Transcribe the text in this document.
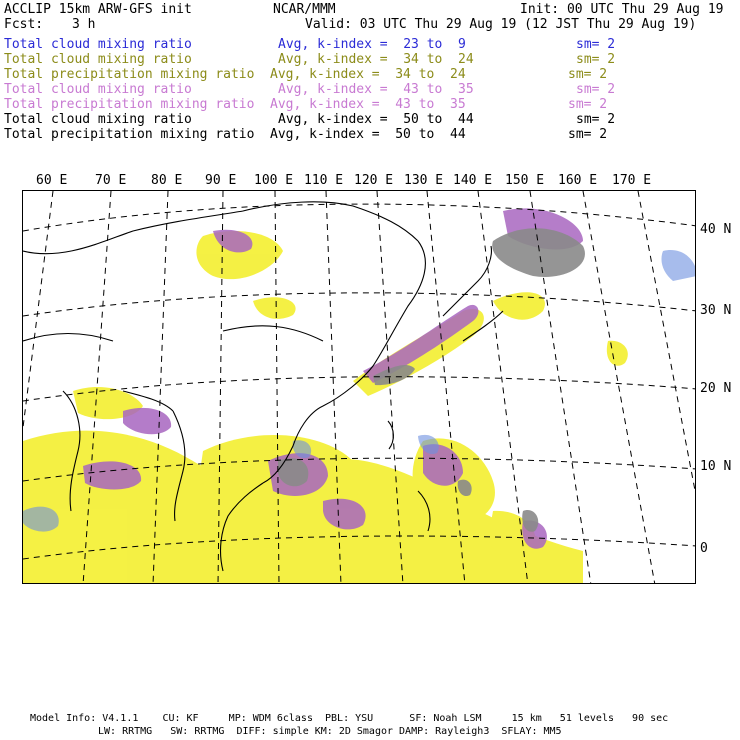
ACCLIP 15km ARW-GFS init	NCAR/MMM	Init: 00 UTC Thu 29 Aug 19
Fcst: 3 h	Valid: 03 UTC Thu 29 Aug 19 (12 JST Thu 29 Aug 19)
Total cloud mixing ratio	Avg, k-index =  23 to  9	sm= 2
Total cloud mixing ratio	Avg, k-index =  34 to  24	sm= 2
Total precipitation mixing ratio Avg, k-index =  34 to  24	sm= 2
Total cloud mixing ratio	Avg, k-index =  43 to  35	sm= 2
Total precipitation mixing ratio Avg, k-index =  43 to  35	sm= 2
Total cloud mixing ratio	Avg, k-index =  50 to  44	sm= 2
Total precipitation mixing ratio Avg, k-index =  50 to  44	sm= 2
60 E 70 E 80 E 90 E 100 E 110 E 120 E 130 E 140 E 150 E 160 E 170 E
40 N
30 N
20 N
10 N
0
Model Info: V4.1.1    CU: KF     MP: WDM 6class  PBL: YSU      SF: Noah LSM     15 km   51 levels   90 sec
LW: RRTMG   SW: RRTMG  DIFF: simple KM: 2D Smagor DAMP: Rayleigh3  SFLAY: MM5
